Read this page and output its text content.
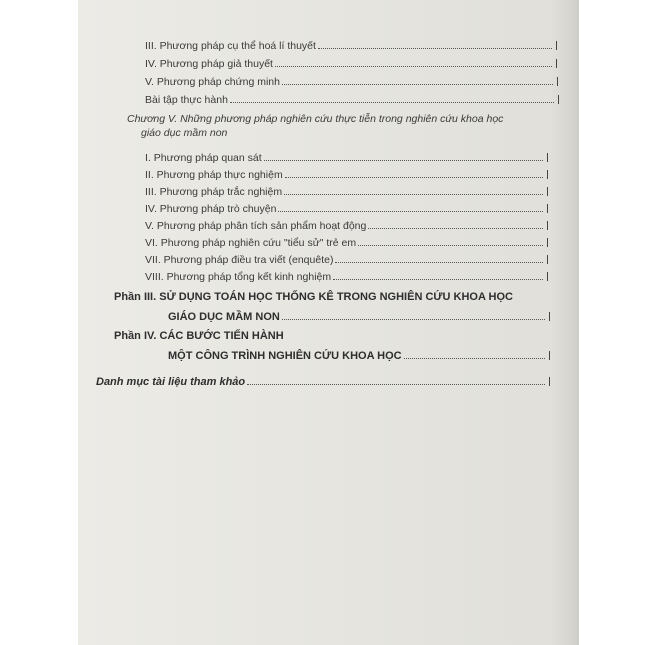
III. Phương pháp cụ thể hoá lí thuyết
IV. Phương pháp giả thuyết
V. Phương pháp chứng minh
Bài tập thực hành
Chương V. Những phương pháp nghiên cứu thực tiễn trong nghiên cứu khoa học
giáo dục mầm non
I. Phương pháp quan sát
II. Phương pháp thực nghiệm
III. Phương pháp trắc nghiệm
IV. Phương pháp trò chuyện
V. Phương pháp phân tích sản phẩm hoạt động
VI. Phương pháp nghiên cứu "tiểu sử" trẻ em
VII. Phương pháp điều tra viết (enquête)
VIII. Phương pháp tổng kết kinh nghiệm
Phần III. SỬ DỤNG TOÁN HỌC THỐNG KÊ TRONG NGHIÊN CỨU KHOA HỌC
GIÁO DỤC MẦM NON
Phần IV. CÁC BƯỚC TIẾN HÀNH
MỘT CÔNG TRÌNH NGHIÊN CỨU KHOA HỌC
Danh mục tài liệu tham khảo
